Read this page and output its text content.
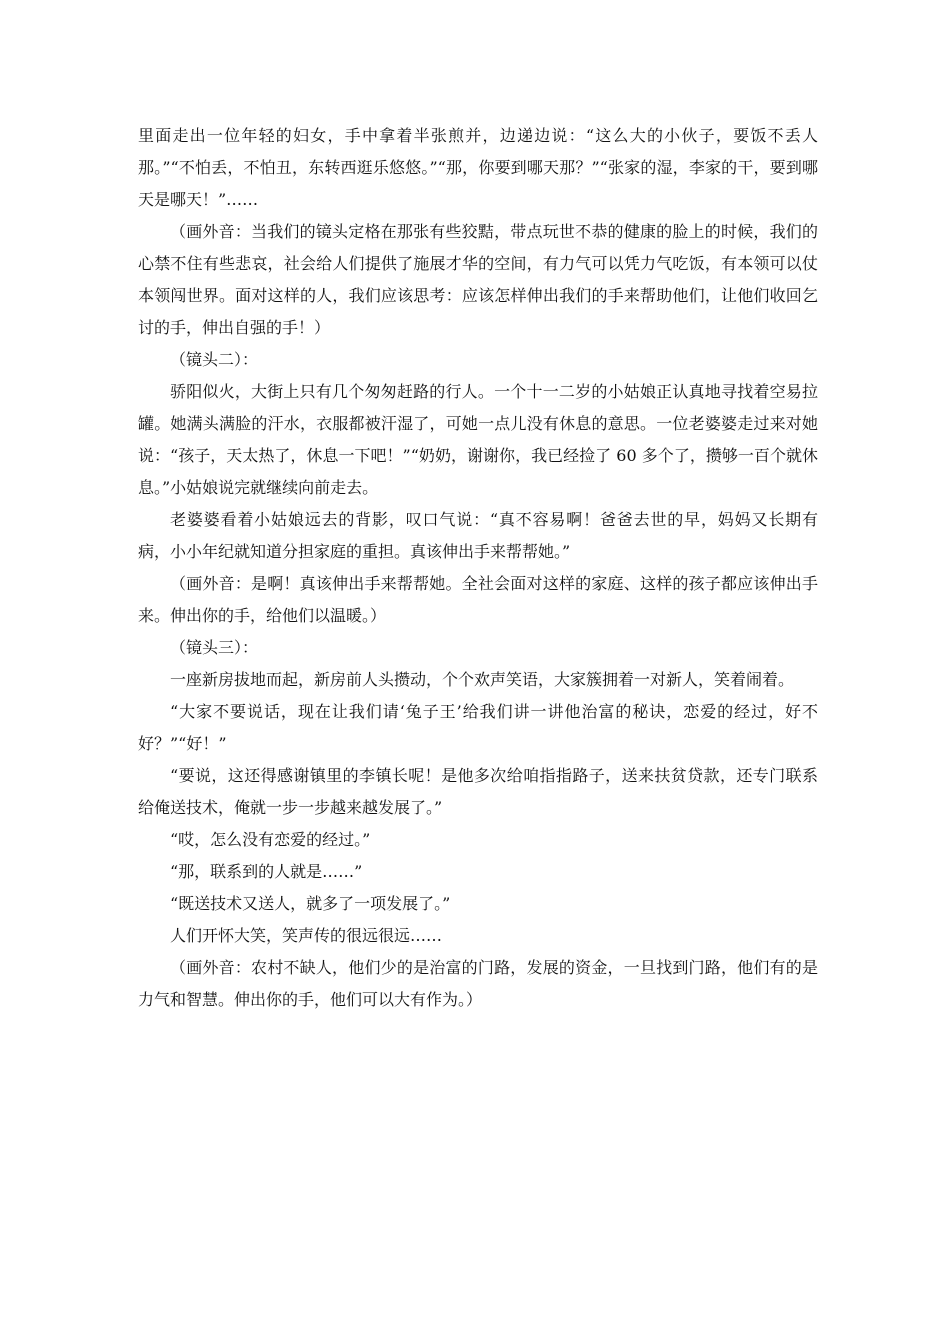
里面走出一位年轻的妇女，手中拿着半张煎并，边递边说：“这么大的小伙子，要饭不丢人那。”“不怕丢，不怕丑，东转西逛乐悠悠。”“那，你要到哪天那？”“张家的湿，李家的干，要到哪天是哪天！”……

（画外音：当我们的镜头定格在那张有些狡黠，带点玩世不恭的健康的脸上的时候，我们的心禁不住有些悲哀，社会给人们提供了施展才华的空间，有力气可以凭力气吃饭，有本领可以仗本领闯世界。面对这样的人，我们应该思考：应该怎样伸出我们的手来帮助他们，让他们收回乞讨的手，伸出自强的手！）

（镜头二）：

骄阳似火，大街上只有几个匆匆赶路的行人。一个十一二岁的小姑娘正认真地寻找着空易拉罐。她满头满脸的汗水，衣服都被汗湿了，可她一点儿没有休息的意思。一位老婆婆走过来对她说：“孩子，天太热了，休息一下吧！”“奶奶，谢谢你，我已经捡了 60 多个了，攒够一百个就休息。”小姑娘说完就继续向前走去。

老婆婆看着小姑娘远去的背影，叹口气说：“真不容易啊！爸爸去世的早，妈妈又长期有病，小小年纪就知道分担家庭的重担。真该伸出手来帮帮她。”

（画外音：是啊！真该伸出手来帮帮她。全社会面对这样的家庭、这样的孩子都应该伸出手来。伸出你的手，给他们以温暖。）

（镜头三）：

一座新房拔地而起，新房前人头攒动，个个欢声笑语，大家簇拥着一对新人，笑着闹着。

“大家不要说话，现在让我们请‘兔子王’给我们讲一讲他治富的秘诀，恋爱的经过，好不好？”“好！”

“要说，这还得感谢镇里的李镇长呢！是他多次给咱指指路子，送来扶贫贷款，还专门联系给俺送技术，俺就一步一步越来越发展了。”

“哎，怎么没有恋爱的经过。”

“那，联系到的人就是……”

“既送技术又送人，就多了一项发展了。”

人们开怀大笑，笑声传的很远很远……

（画外音：农村不缺人，他们少的是治富的门路，发展的资金，一旦找到门路，他们有的是力气和智慧。伸出你的手，他们可以大有作为。）
